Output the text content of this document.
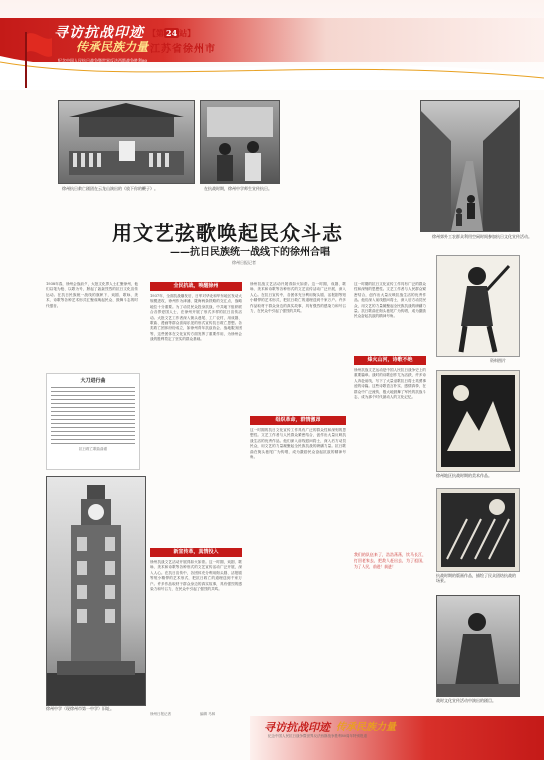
寻访抗战印迹
传承民族力量
纪念中国人民抗日战争暨世界反法西斯战争胜利80周年特别报道
【第 24 站】
江苏省徐州市
徐州抗日救亡剧团在云龙山演出的《放下你的鞭子》。	在抗战时期，徐州中学师生宣传抗日。
徐州郊外工农群众利用空闲时间参加抗日文化宣传活动。
用文艺弦歌唤起民众斗志
——抗日民族统一战线下的徐州合唱
徐州日报记者
1938年春，徐州会战前夕，大批文化界人士汇聚徐州，他们以笔为枪、以歌为号，掀起了轰轰烈烈的抗日文化宣传运动。在抗日民族统一战线的旗帜下，戏剧、歌咏、美术、诗歌等各种艺术形式汇聚成唤起民众、鼓舞斗志的时代强音。
大刀进行曲
抗日救亡歌曲曲谱
徐州中学（现徐州市第一中学）旧址。
全民抗战，唤醒徐州
1937年，全面抗战爆发后，日军对华北和华东地区发动大规模进攻，徐州作为津浦、陇海两条铁路的交汇点，战略地位十分重要。为了动员民众投身抗战，中共地下组织联合各界爱国人士，在徐州开展了形式多样的抗日宣传活动。大批文艺工作者深入街头巷尾、工厂农村，用戏剧、歌曲、漫画等群众喜闻乐见的形式宣传抗日救亡思想。各类救亡团体纷纷成立，如徐州青年抗敌协会、战地服务团等，这些团体在文化宣传方面发挥了重要作用，为徐州会战的胜利奠定了坚实的群众基础。
新宣传革，真情投入
徐州抗战文艺活动开展得如火如荼。这一时期，戏剧、歌咏、美术和诗歌等各种形式的文艺宣传活动广泛开展，深入人心。在抗日宣传中，各团体充分利用街头剧、活报剧等短小精悍的艺术形式，把抗日救亡的道理送到千家万户。许多作品取材于群众身边的真实故事，具有强烈的感染力和号召力，在民众中引起了强烈的共鸣。
徐州抗战文艺活动开展得如火如荼。这一时期，戏剧、歌咏、美术和诗歌等各种形式的文艺宣传活动广泛开展，深入人心。在抗日宣传中，各团体充分利用街头剧、活报剧等短小精悍的艺术形式，把抗日救亡的道理送到千家万户。许多作品取材于群众身边的真实故事，具有强烈的感染力和号召力，在民众中引起了强烈的共鸣。
组织革命，群情激昂
这一时期的抗日文化宣传工作具有广泛的群众性和深刻的思想性。文艺工作者与人民群众紧密结合，创作出大量反映抗战生活的优秀作品。他们深入前线慰问将士，深入后方动员民众，用文艺的力量凝聚起全民族抗战的磅礴力量。抗日歌曲在街头巷尾广为传唱，成为激励民众奋起抗敌的精神号角。
这一时期的抗日文化宣传工作具有广泛的群众性和深刻的思想性。文艺工作者与人民群众紧密结合，创作出大量反映抗战生活的优秀作品。他们深入前线慰问将士，深入后方动员民众，用文艺的力量凝聚起全民族抗战的磅礴力量。抗日歌曲在街头巷尾广为传唱，成为激励民众奋起抗敌的精神号角。
烽火山河，诗歌不绝
徐州抗战文艺运动是中国人民抗日战争史上的重要篇章。战时的诗歌创作尤为活跃，许多诗人奔赴前线，写下了大量讴歌抗日将士英勇事迹的诗篇。这些诗歌语言朴实、感情真挚，在群众中广泛流传，极大地鼓舞了军民的抗战斗志，成为那个时代最动人的文化记忆。
我们的队伍来了，浩浩荡荡，饮马长江，打回老家去，把敌人赶出去，为了祖国，为了人民，前进！前进！
资料图片
徐州地区抗战时期的美术作品。
抗战时期的版画作品，描绘了民众团结抗战的场景。
战时文化宣传活动中演出的剧目。
寻访抗战印迹 传承民族力量
纪念中国人民抗日战争暨世界反法西斯战争胜利80周年特别报道
徐州日报记者	编辑 马林
